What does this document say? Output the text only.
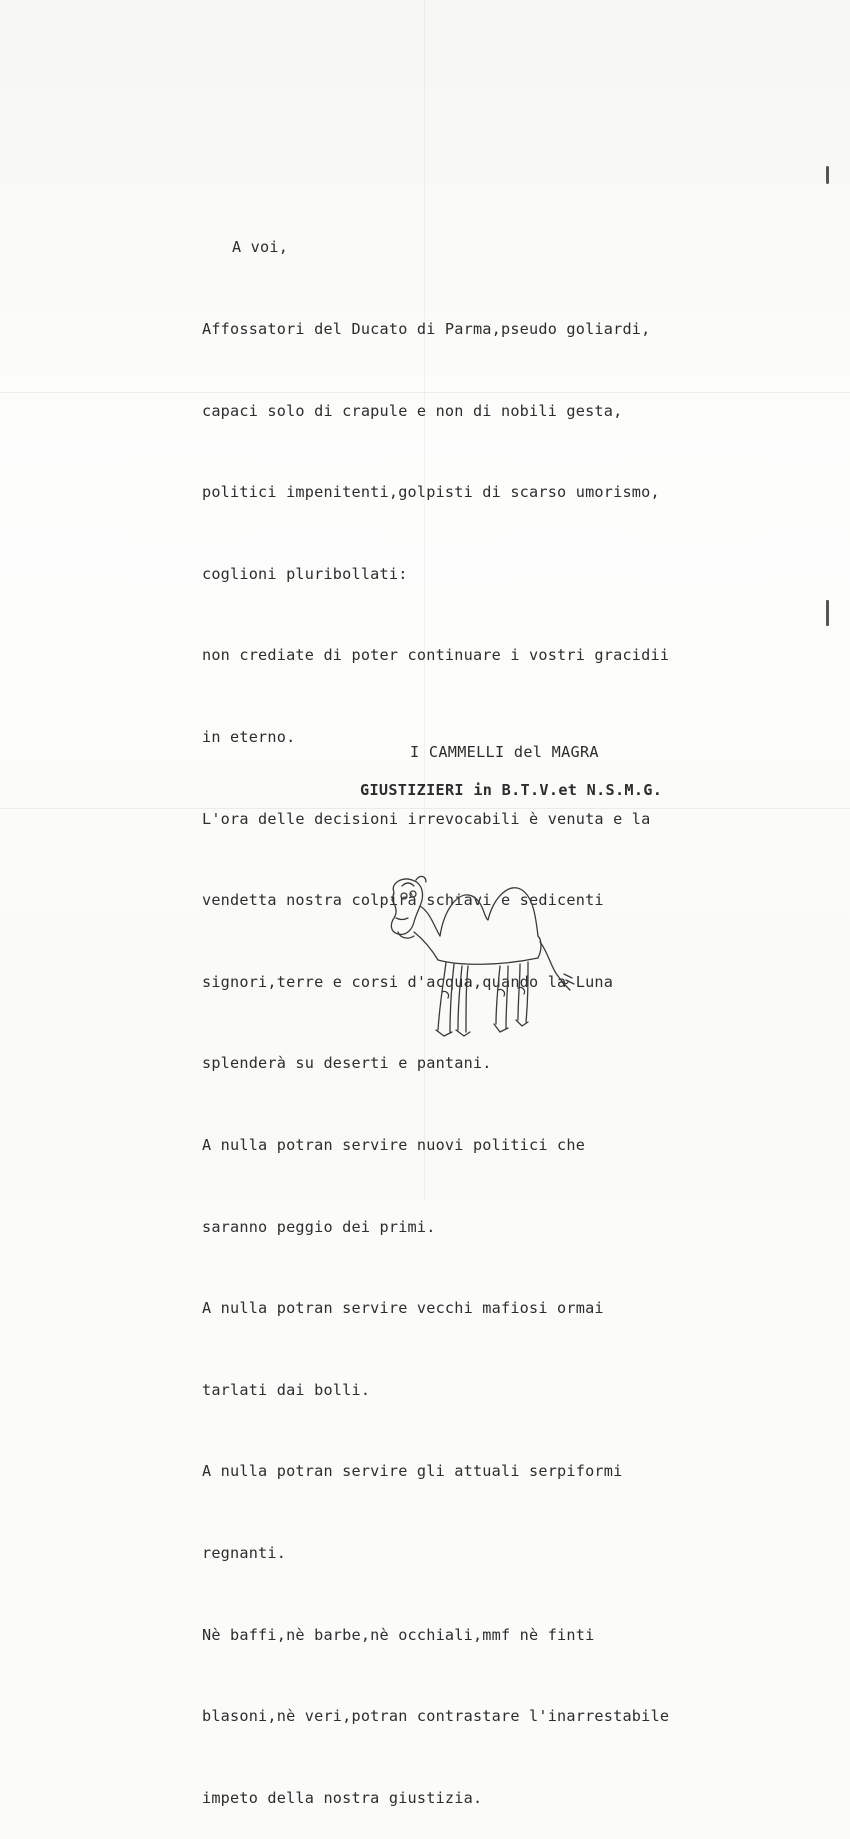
A voi,

Affossatori del Ducato di Parma,pseudo goliardi,

capaci solo di crapule e non di nobili gesta,

politici impenitenti,golpisti di scarso umorismo,

coglioni pluribollati:

non crediate di poter continuare i vostri gracidii

in eterno.

L'ora delle decisioni irrevocabili è venuta e la

vendetta nostra colpirà schiavi e sedicenti

signori,terre e corsi d'acqua,quando la Luna

splenderà su deserti e pantani.

A nulla potran servire nuovi politici che

saranno peggio dei primi.

A nulla potran servire vecchi mafiosi ormai

tarlati dai bolli.

A nulla potran servire gli attuali serpiformi

regnanti.

Nè baffi,nè barbe,nè occhiali,mmf nè finti

blasoni,nè veri,potran contrastare l'inarrestabile

impeto della nostra giustizia.

I CAMMELLI del MAGRA
GIUSTIZIERI in B.T.V.et N.S.M.G.
